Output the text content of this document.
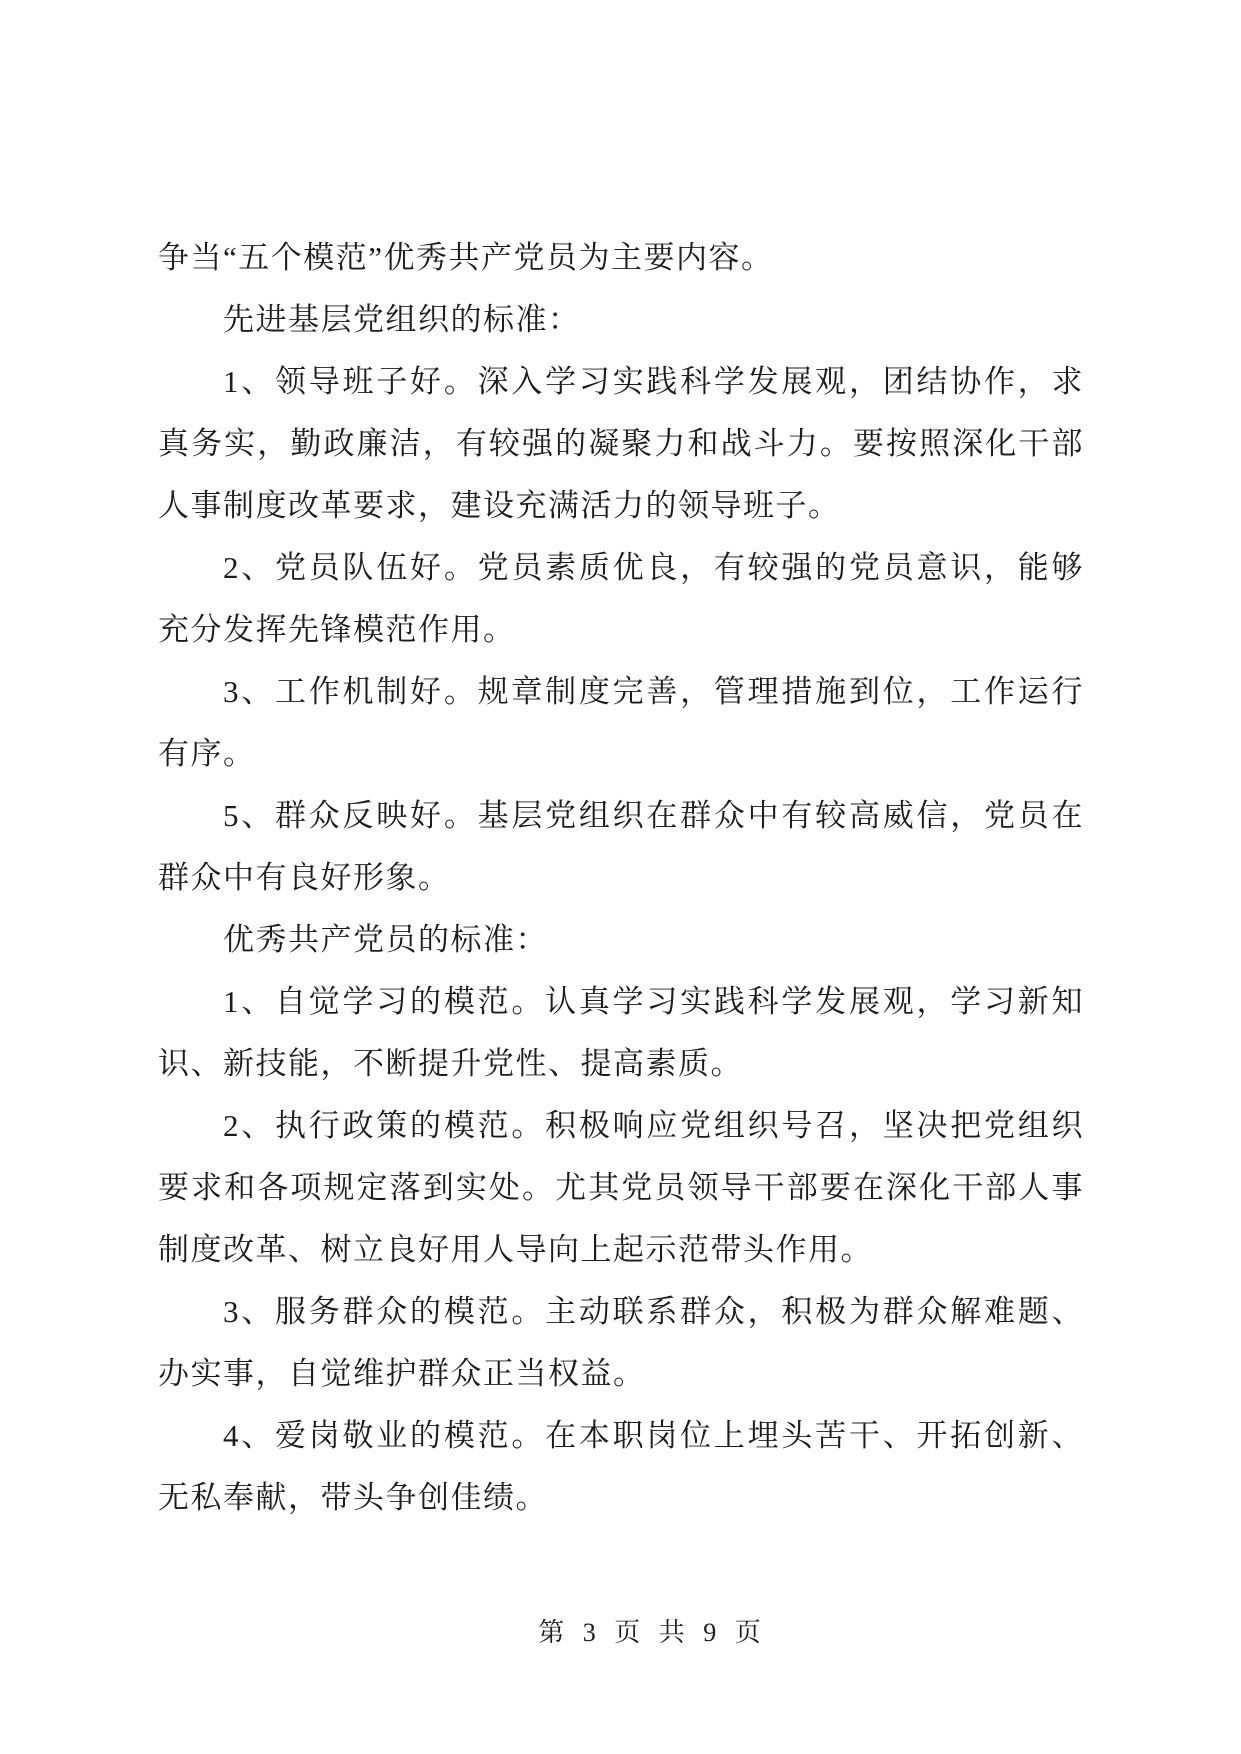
争当“五个模范”优秀共产党员为主要内容。
先进基层党组织的标准：
1、领导班子好。深入学习实践科学发展观，团结协作，求
真务实，勤政廉洁，有较强的凝聚力和战斗力。要按照深化干部
人事制度改革要求，建设充满活力的领导班子。
2、党员队伍好。党员素质优良，有较强的党员意识，能够
充分发挥先锋模范作用。
3、工作机制好。规章制度完善，管理措施到位，工作运行
有序。
5、群众反映好。基层党组织在群众中有较高威信，党员在
群众中有良好形象。
优秀共产党员的标准：
1、自觉学习的模范。认真学习实践科学发展观，学习新知
识、新技能，不断提升党性、提高素质。
2、执行政策的模范。积极响应党组织号召，坚决把党组织
要求和各项规定落到实处。尤其党员领导干部要在深化干部人事
制度改革、树立良好用人导向上起示范带头作用。
3、服务群众的模范。主动联系群众，积极为群众解难题、
办实事，自觉维护群众正当权益。
4、爱岗敬业的模范。在本职岗位上埋头苦干、开拓创新、
无私奉献，带头争创佳绩。
第 3 页 共 9 页
